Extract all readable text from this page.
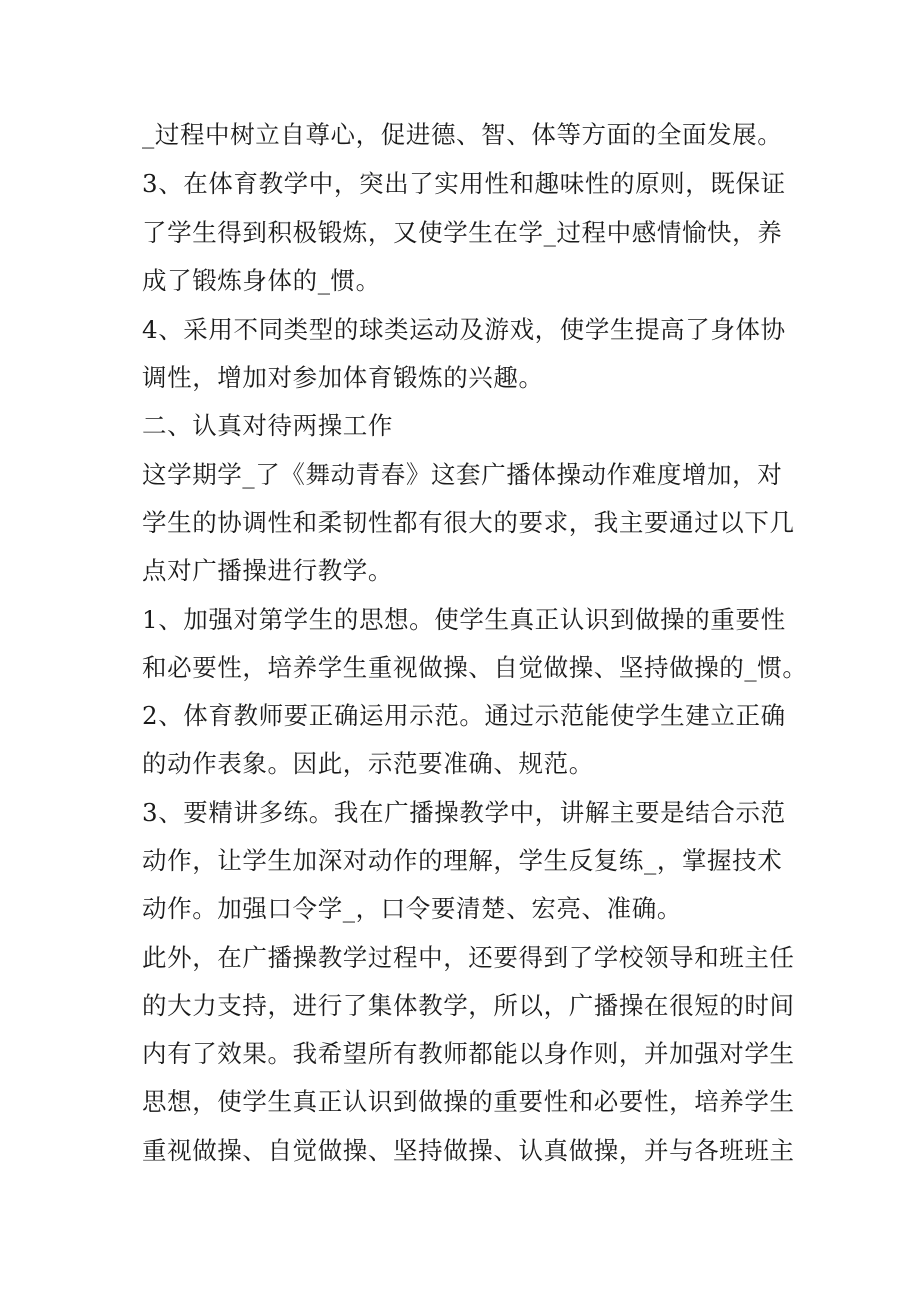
_过程中树立自尊心，促进德、智、体等方面的全面发展。
3、在体育教学中，突出了实用性和趣味性的原则，既保证
了学生得到积极锻炼，又使学生在学_过程中感情愉快，养
成了锻炼身体的_惯。
4、采用不同类型的球类运动及游戏，使学生提高了身体协
调性，增加对参加体育锻炼的兴趣。
二、认真对待两操工作
这学期学_了《舞动青春》这套广播体操动作难度增加，对
学生的协调性和柔韧性都有很大的要求，我主要通过以下几
点对广播操进行教学。
1、加强对第学生的思想。使学生真正认识到做操的重要性
和必要性，培养学生重视做操、自觉做操、坚持做操的_惯。
2、体育教师要正确运用示范。通过示范能使学生建立正确
的动作表象。因此，示范要准确、规范。
3、要精讲多练。我在广播操教学中，讲解主要是结合示范
动作，让学生加深对动作的理解，学生反复练_，掌握技术
动作。加强口令学_，口令要清楚、宏亮、准确。
此外，在广播操教学过程中，还要得到了学校领导和班主任
的大力支持，进行了集体教学，所以，广播操在很短的时间
内有了效果。我希望所有教师都能以身作则，并加强对学生
思想，使学生真正认识到做操的重要性和必要性，培养学生
重视做操、自觉做操、坚持做操、认真做操，并与各班班主
